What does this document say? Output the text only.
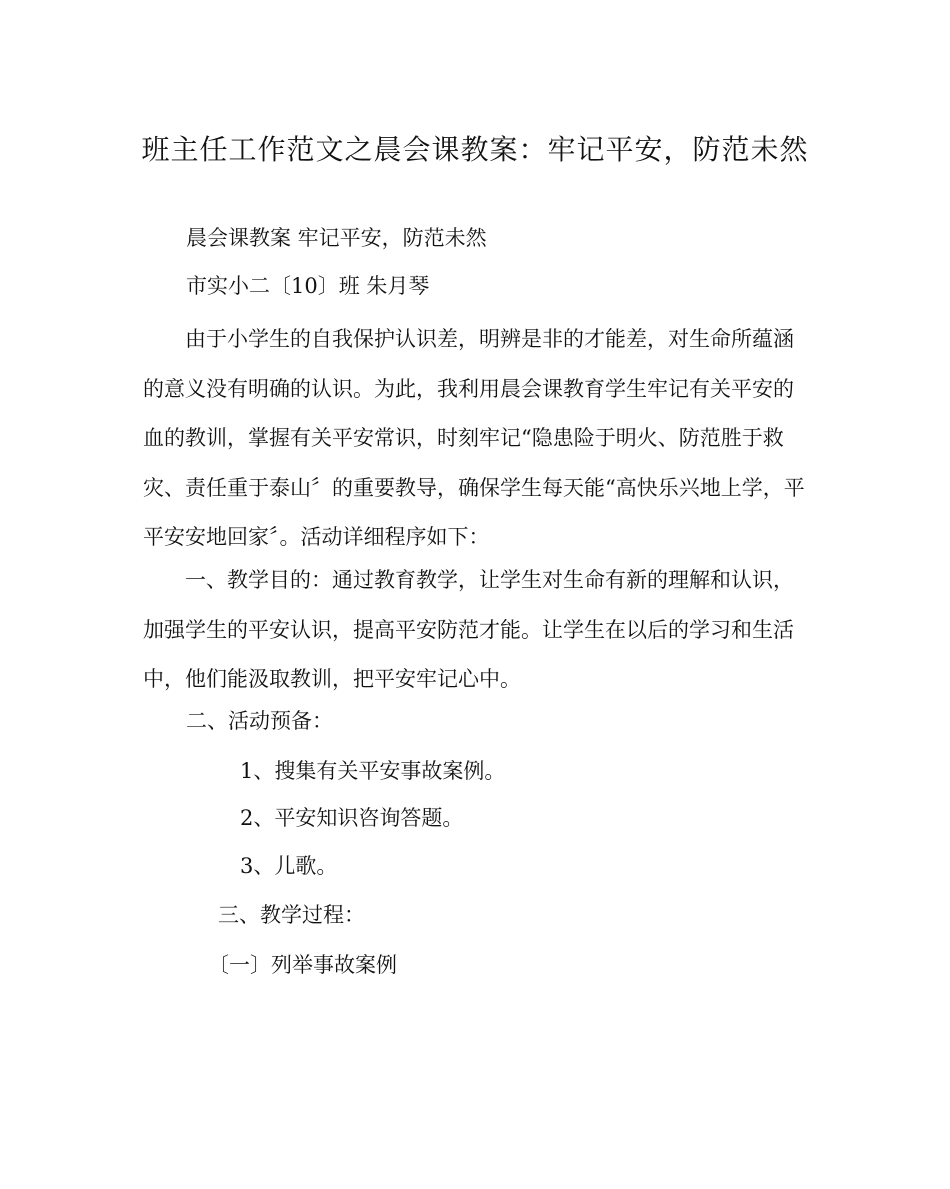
班主任工作范文之晨会课教案：牢记平安，防范未然

晨会课教案 牢记平安，防范未然

市实小二〔10〕班 朱月琴

由于小学生的自我保护认识差，明辨是非的才能差，对生命所蕴涵的意义没有明确的认识。为此，我利用晨会课教育学生牢记有关平安的血的教训，掌握有关平安常识，时刻牢记“隐患险于明火、防范胜于救灾、责任重于泰山〞的重要教导，确保学生每天能“高快乐兴地上学，平平安安地回家〞。活动详细程序如下：

一、教学目的：通过教育教学，让学生对生命有新的理解和认识，加强学生的平安认识，提高平安防范才能。让学生在以后的学习和生活中，他们能汲取教训，把平安牢记心中。

二、活动预备：

1、搜集有关平安事故案例。

2、平安知识咨询答题。

3、儿歌。

三、教学过程：

〔一〕列举事故案例
